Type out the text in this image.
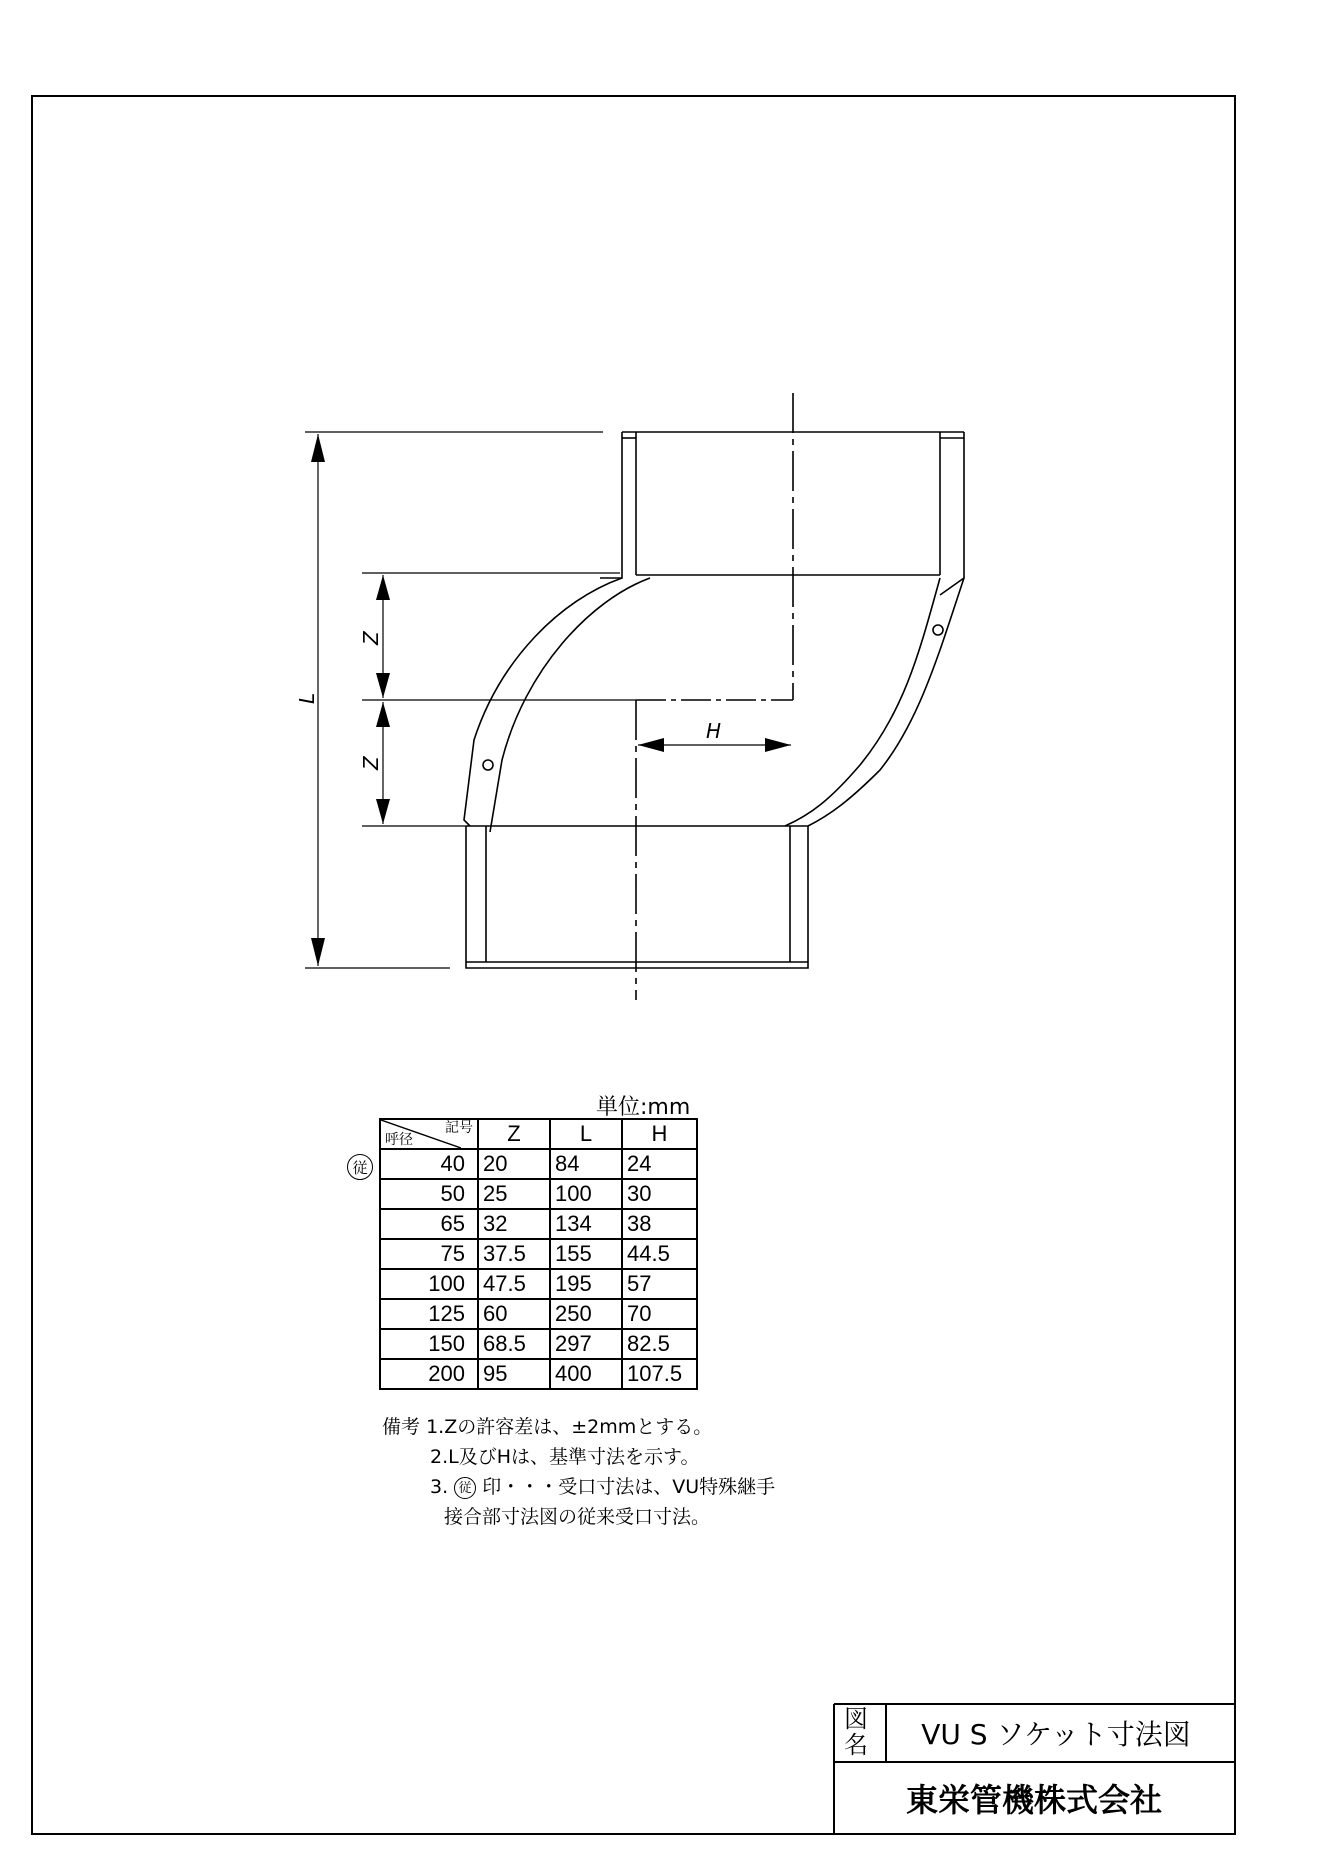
L
Z
Z
H
単位:mm
従
記号
呼径	Z	L	H
40	20	84	24
50	25	100	30
65	32	134	38
75	37.5	155	44.5
100	47.5	195	57
125	60	250	70
150	68.5	297	82.5
200	95	400	107.5
備考 1.Zの許容差は、±2mmとする。
2.L及びHは、基準寸法を示す。
3. 従 印・・・受口寸法は、VU特殊継手
接合部寸法図の従来受口寸法。
図名	VU S ソケット寸法図
東栄管機株式会社
